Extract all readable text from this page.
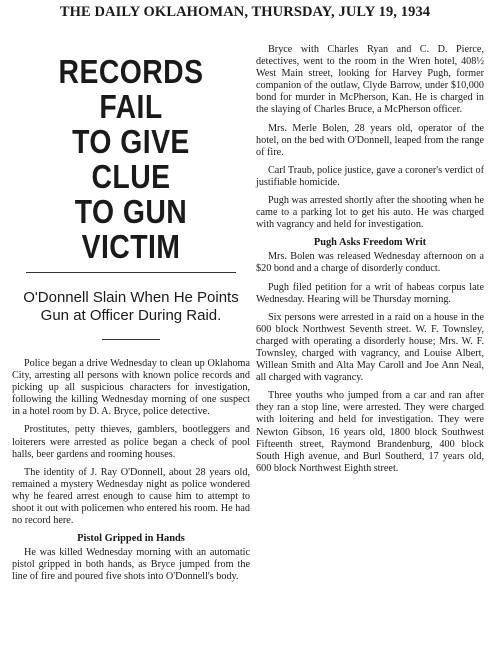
THE DAILY OKLAHOMAN, THURSDAY, JULY 19, 1934
RECORDS FAIL
TO GIVE CLUE
TO GUN VICTIM
O'Donnell Slain When He Points Gun at Officer During Raid.

Police began a drive Wednesday to clean up Oklahoma City, arresting all persons with known police records and picking up all suspicious characters for investigation, following the killing Wednesday morning of one suspect in a hotel room by D. A. Bryce, police detective.

Prostitutes, petty thieves, gamblers, bootleggers and loiterers were arrested as police began a check of pool halls, beer gardens and rooming houses.

The identity of J. Ray O'Donnell, about 28 years old, remained a mystery Wednesday night as police wondered why he feared arrest enough to cause him to attempt to shoot it out with policemen who entered his room. He had no record here.

Pistol Gripped in Hands

He was killed Wednesday morning with an automatic pistol gripped in both hands, as Bryce jumped from the line of fire and poured five shots into O'Donnell's body.

Bryce with Charles Ryan and C. D. Pierce, detectives, went to the room in the Wren hotel, 408½ West Main street, looking for Harvey Pugh, former companion of the outlaw, Clyde Barrow, under $10,000 bond for murder in McPherson, Kan. He is charged in the slaying of Charles Bruce, a McPherson officer.

Mrs. Merle Bolen, 28 years old, operator of the hotel, on the bed with O'Donnell, leaped from the range of fire.

Carl Traub, police justice, gave a coroner's verdict of justifiable homicide.

Pugh was arrested shortly after the shooting when he came to a parking lot to get his auto. He was charged with vagrancy and held for investigation.

Pugh Asks Freedom Writ

Mrs. Bolen was released Wednesday afternoon on a $20 bond and a charge of disorderly conduct.

Pugh filed petition for a writ of habeas corpus late Wednesday. Hearing will be Thursday morning.

Six persons were arrested in a raid on a house in the 600 block Northwest Seventh street. W. F. Townsley, charged with operating a disorderly house; Mrs. W. F. Townsley, charged with vagrancy, and Louise Albert, Willean Smith and Alta May Caroll and Joe Ann Neal, all charged with vagrancy.

Three youths who jumped from a car and ran after they ran a stop line, were arrested. They were charged with loitering and held for investigation. They were Newton Gibson, 16 years old, 1800 block Southwest Fifteenth street, Raymond Brandenburg, 400 block South High avenue, and Burl Southerd, 17 years old, 600 block Northwest Eighth street.
